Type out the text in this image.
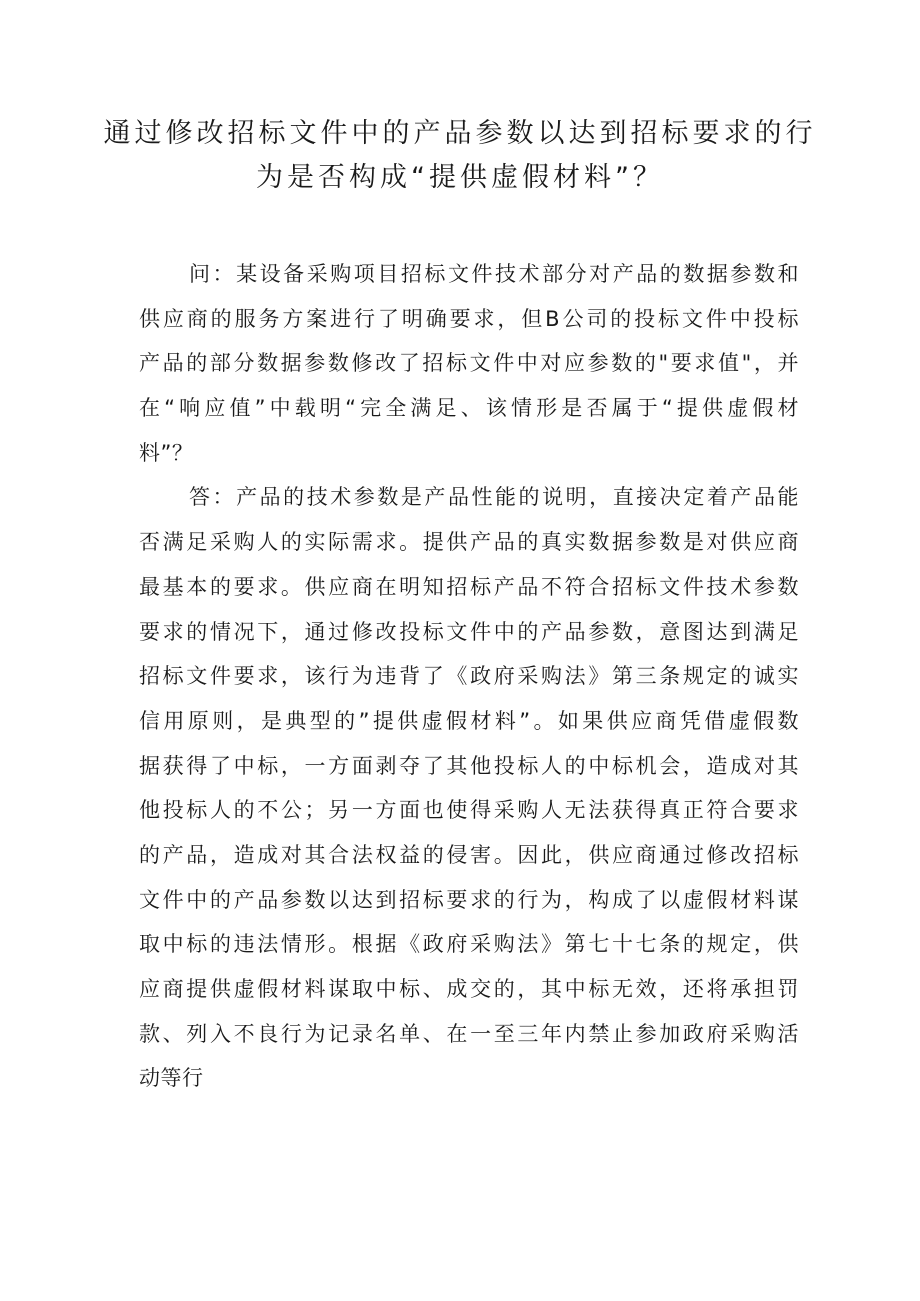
通过修改招标文件中的产品参数以达到招标要求的行
为是否构成“提供虚假材料”？
问：某设备采购项目招标文件技术部分对产品的数据参数和
供应商的服务方案进行了明确要求，但B公司的投标文件中投标
产品的部分数据参数修改了招标文件中对应参数的"要求值"，并
在“响应值”中载明“完全满足、该情形是否属于“提供虚假材
料”？
答：产品的技术参数是产品性能的说明，直接决定着产品能
否满足采购人的实际需求。提供产品的真实数据参数是对供应商
最基本的要求。供应商在明知招标产品不符合招标文件技术参数
要求的情况下，通过修改投标文件中的产品参数，意图达到满足
招标文件要求，该行为违背了《政府采购法》第三条规定的诚实
信用原则，是典型的”提供虚假材料”。如果供应商凭借虚假数
据获得了中标，一方面剥夺了其他投标人的中标机会，造成对其
他投标人的不公；另一方面也使得采购人无法获得真正符合要求
的产品，造成对其合法权益的侵害。因此，供应商通过修改招标
文件中的产品参数以达到招标要求的行为，构成了以虚假材料谋
取中标的违法情形。根据《政府采购法》第七十七条的规定，供
应商提供虚假材料谋取中标、成交的，其中标无效，还将承担罚
款、列入不良行为记录名单、在一至三年内禁止参加政府采购活
动等行
